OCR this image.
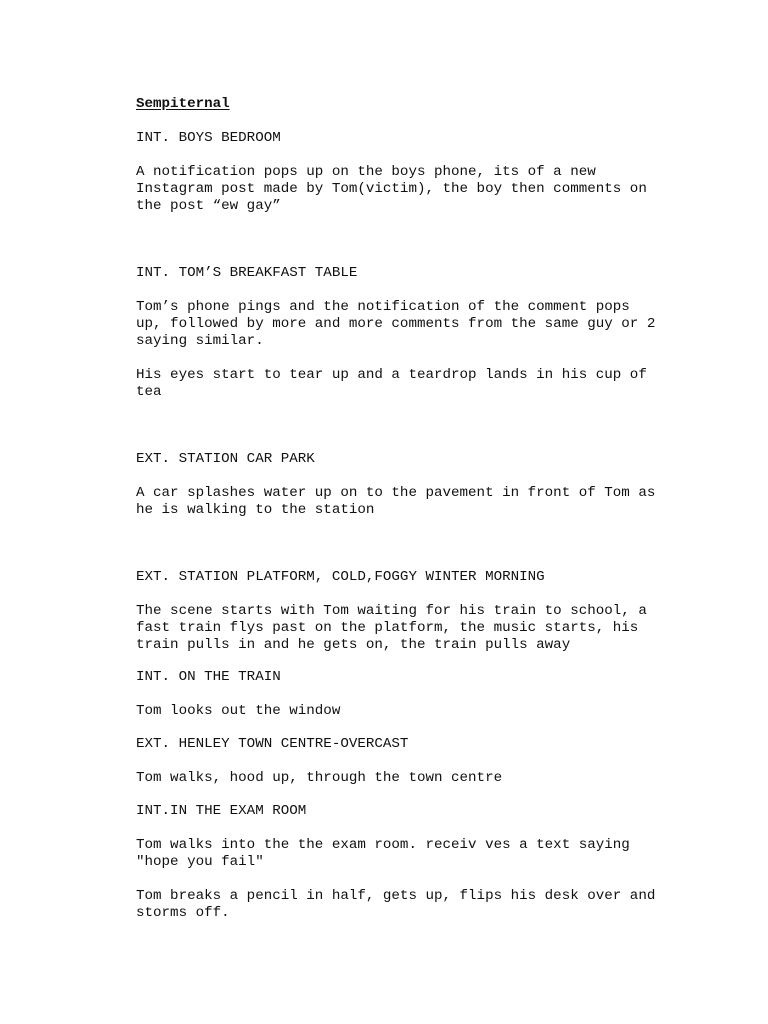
Sempiternal

INT. BOYS BEDROOM

A notification pops up on the boys phone, its of a new

Instagram post made by Tom(victim), the boy then comments on

the post “ew gay”

INT. TOM’S BREAKFAST TABLE

Tom’s phone pings and the notification of the comment pops

up, followed by more and more comments from the same guy or 2

saying similar.

His eyes start to tear up and a teardrop lands in his cup of

tea

EXT. STATION CAR PARK

A car splashes water up on to the pavement in front of Tom as

he is walking to the station

EXT. STATION PLATFORM, COLD,FOGGY WINTER MORNING

The scene starts with Tom waiting for his train to school, a

fast train flys past on the platform, the music starts, his

train pulls in and he gets on, the train pulls away

INT. ON THE TRAIN

Tom looks out the window

EXT. HENLEY TOWN CENTRE-OVERCAST

Tom walks, hood up, through the town centre

INT.IN THE EXAM ROOM

Tom walks into the the exam room. receiv ves a text saying

"hope you fail"

Tom breaks a pencil in half, gets up, flips his desk over and

storms off.
